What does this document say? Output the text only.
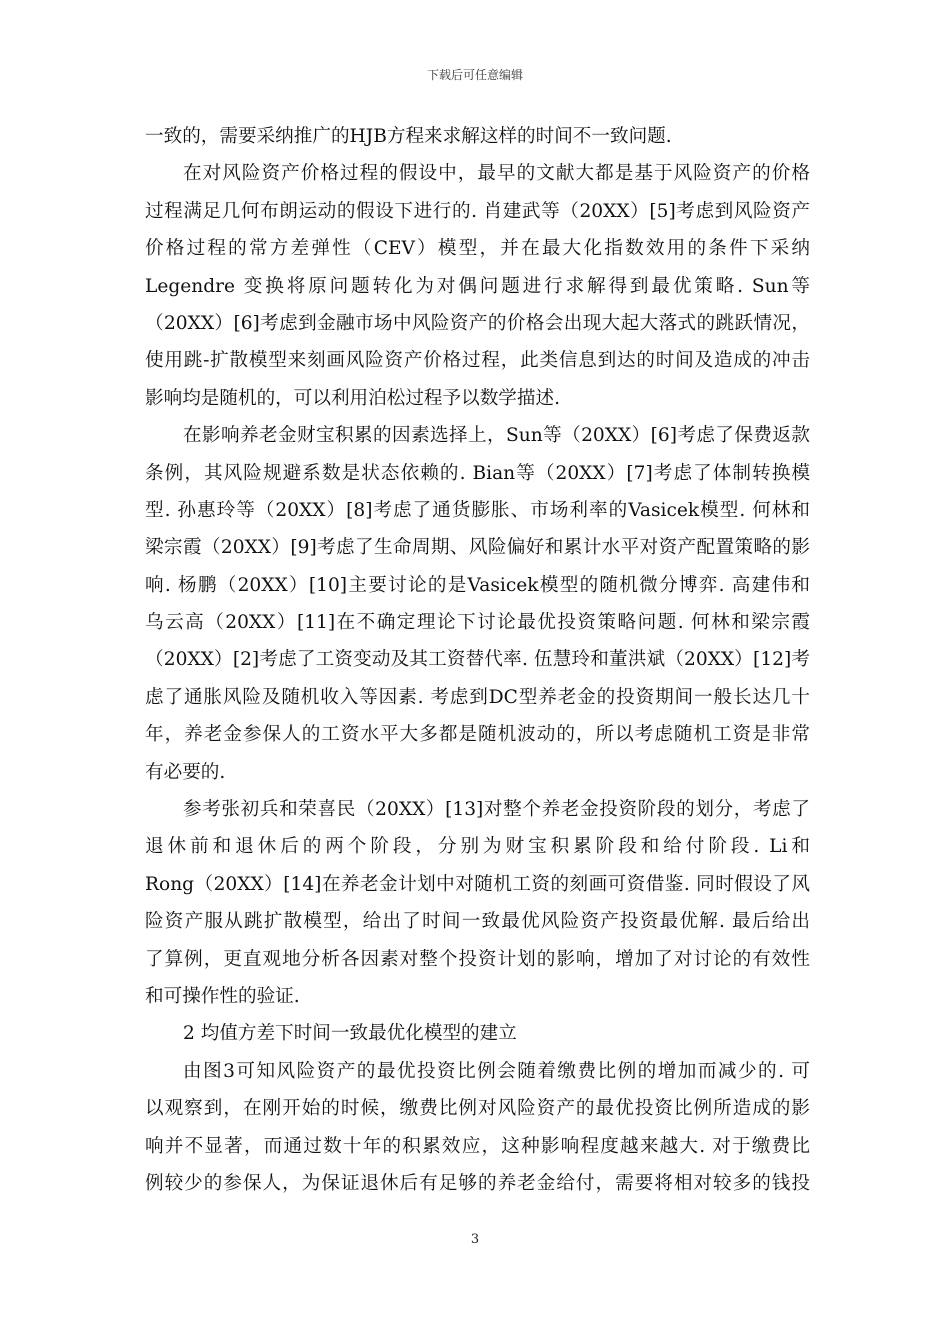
下载后可任意编辑
一致的，需要采纳推广的HJB方程来求解这样的时间不一致问题.
在对风险资产价格过程的假设中，最早的文献大都是基于风险资产的价格
过程满足几何布朗运动的假设下进行的. 肖建武等（20XX）[5]考虑到风险资产
价格过程的常方差弹性（CEV）模型，并在最大化指数效用的条件下采纳
Legendre 变换将原问题转化为对偶问题进行求解得到最优策略. Sun等
（20XX）[6]考虑到金融市场中风险资产的价格会出现大起大落式的跳跃情况，
使用跳-扩散模型来刻画风险资产价格过程，此类信息到达的时间及造成的冲击
影响均是随机的，可以利用泊松过程予以数学描述.
在影响养老金财宝积累的因素选择上，Sun等（20XX）[6]考虑了保费返款
条例，其风险规避系数是状态依赖的. Bian等（20XX）[7]考虑了体制转换模
型. 孙惠玲等（20XX）[8]考虑了通货膨胀、市场利率的Vasicek模型. 何林和
梁宗霞（20XX）[9]考虑了生命周期、风险偏好和累计水平对资产配置策略的影
响. 杨鹏（20XX）[10]主要讨论的是Vasicek模型的随机微分博弈. 高建伟和
乌云高（20XX）[11]在不确定理论下讨论最优投资策略问题. 何林和梁宗霞
（20XX）[2]考虑了工资变动及其工资替代率. 伍慧玲和董洪斌（20XX）[12]考
虑了通胀风险及随机收入等因素. 考虑到DC型养老金的投资期间一般长达几十
年，养老金参保人的工资水平大多都是随机波动的，所以考虑随机工资是非常
有必要的.
参考张初兵和荣喜民（20XX）[13]对整个养老金投资阶段的划分，考虑了
退休前和退休后的两个阶段，分别为财宝积累阶段和给付阶段. Li和
Rong（20XX）[14]在养老金计划中对随机工资的刻画可资借鉴. 同时假设了风
险资产服从跳扩散模型，给出了时间一致最优风险资产投资最优解. 最后给出
了算例，更直观地分析各因素对整个投资计划的影响，增加了对讨论的有效性
和可操作性的验证.
2 均值方差下时间一致最优化模型的建立
由图3可知风险资产的最优投资比例会随着缴费比例的增加而减少的. 可
以观察到，在刚开始的时候，缴费比例对风险资产的最优投资比例所造成的影
响并不显著，而通过数十年的积累效应，这种影响程度越来越大. 对于缴费比
例较少的参保人，为保证退休后有足够的养老金给付，需要将相对较多的钱投
3
